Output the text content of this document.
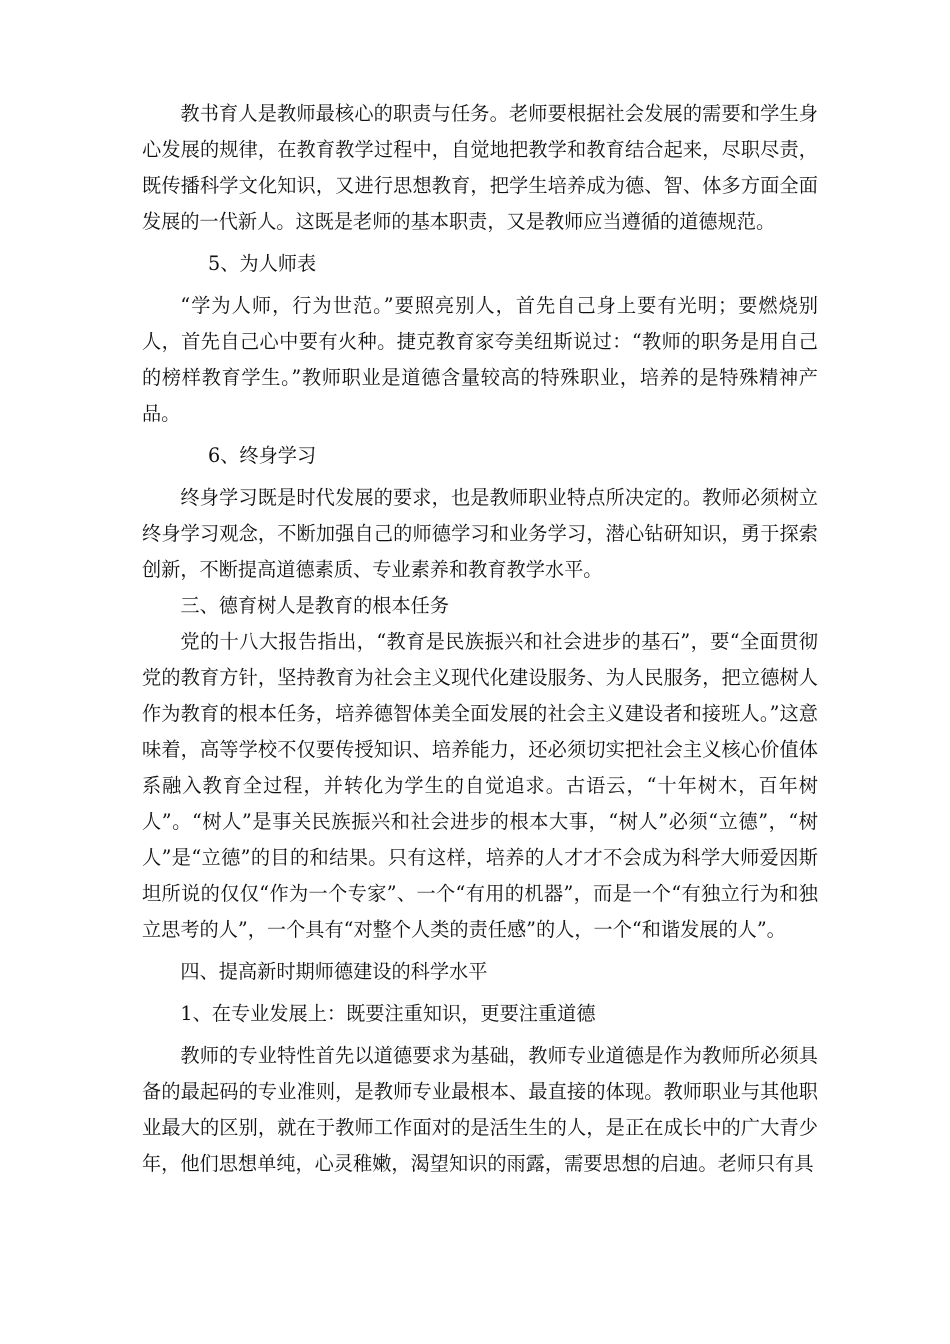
教书育人是教师最核心的职责与任务。老师要根据社会发展的需要和学生身心发展的规律，在教育教学过程中，自觉地把教学和教育结合起来，尽职尽责，既传播科学文化知识，又进行思想教育，把学生培养成为德、智、体多方面全面发展的一代新人。这既是老师的基本职责，又是教师应当遵循的道德规范。

5、为人师表

“学为人师，行为世范。”要照亮别人，首先自己身上要有光明；要燃烧别人，首先自己心中要有火种。捷克教育家夸美纽斯说过：“教师的职务是用自己的榜样教育学生。”教师职业是道德含量较高的特殊职业，培养的是特殊精神产品。

6、终身学习

终身学习既是时代发展的要求，也是教师职业特点所决定的。教师必须树立终身学习观念，不断加强自己的师德学习和业务学习，潜心钻研知识，勇于探索创新，不断提高道德素质、专业素养和教育教学水平。

三、德育树人是教育的根本任务

党的十八大报告指出，“教育是民族振兴和社会进步的基石”，要“全面贯彻党的教育方针，坚持教育为社会主义现代化建设服务、为人民服务，把立德树人作为教育的根本任务，培养德智体美全面发展的社会主义建设者和接班人。”这意味着，高等学校不仅要传授知识、培养能力，还必须切实把社会主义核心价值体系融入教育全过程，并转化为学生的自觉追求。古语云，“十年树木，百年树人”。“树人”是事关民族振兴和社会进步的根本大事，“树人”必须“立德”，“树人”是“立德”的目的和结果。只有这样，培养的人才才不会成为科学大师爱因斯坦所说的仅仅“作为一个专家”、一个“有用的机器”，而是一个“有独立行为和独立思考的人”，一个具有“对整个人类的责任感”的人，一个“和谐发展的人”。

四、提高新时期师德建设的科学水平

1、在专业发展上：既要注重知识，更要注重道德

教师的专业特性首先以道德要求为基础，教师专业道德是作为教师所必须具备的最起码的专业准则，是教师专业最根本、最直接的体现。教师职业与其他职业最大的区别，就在于教师工作面对的是活生生的人，是正在成长中的广大青少年，他们思想单纯，心灵稚嫩，渴望知识的雨露，需要思想的启迪。老师只有具
